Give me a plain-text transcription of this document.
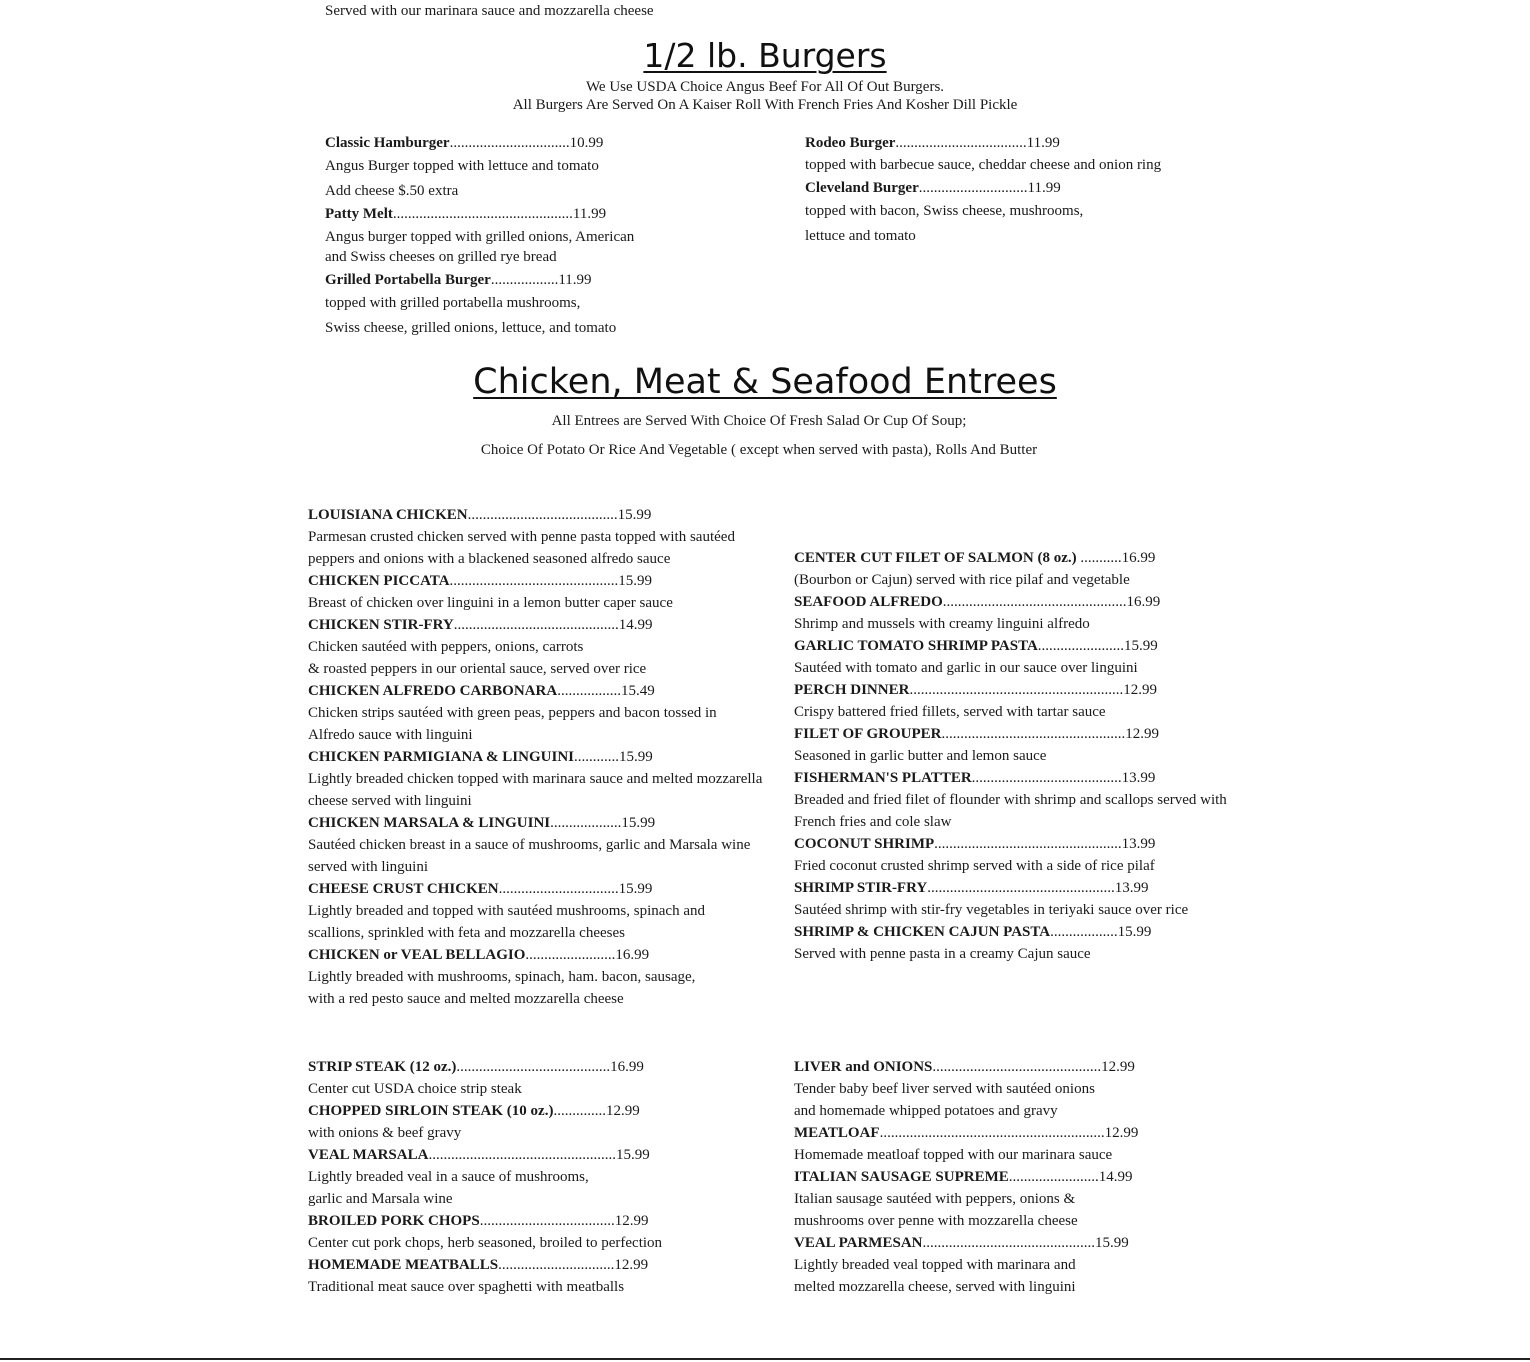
Served with our marinara sauce and mozzarella cheese
1/2 lb. Burgers
We Use USDA Choice Angus Beef For All Of Out Burgers.
All Burgers Are Served On A Kaiser Roll With French Fries And Kosher Dill Pickle
Classic Hamburger................................10.99
Angus Burger topped with lettuce and tomato
Add cheese $.50 extra
Patty Melt................................................11.99
Angus burger topped with grilled onions, American
and Swiss cheeses on grilled rye bread
Grilled Portabella Burger..................11.99
topped with grilled portabella mushrooms,
Swiss cheese, grilled onions, lettuce, and tomato
Rodeo Burger...................................11.99
topped with barbecue sauce, cheddar cheese and onion ring
Cleveland Burger.............................11.99
topped with bacon, Swiss cheese, mushrooms,
lettuce and tomato
Chicken, Meat & Seafood Entrees
All Entrees are Served With Choice Of Fresh Salad Or Cup Of Soup;
Choice Of Potato Or Rice And Vegetable ( except when served with pasta), Rolls And Butter
LOUISIANA CHICKEN........................................15.99
Parmesan crusted chicken served with penne pasta topped with sautéed
peppers and onions with a blackened seasoned alfredo sauce
CHICKEN PICCATA.............................................15.99
Breast of chicken over linguini in a lemon butter caper sauce
CHICKEN STIR-FRY............................................14.99
Chicken sautéed with peppers, onions, carrots
& roasted peppers in our oriental sauce, served over rice
CHICKEN ALFREDO CARBONARA.................15.49
Chicken strips sautéed with green peas, peppers and bacon tossed in
Alfredo sauce with linguini
CHICKEN PARMIGIANA & LINGUINI............15.99
Lightly breaded chicken topped with marinara sauce and melted mozzarella
cheese served with linguini
CHICKEN MARSALA & LINGUINI...................15.99
Sautéed chicken breast in a sauce of mushrooms, garlic and Marsala wine
served with linguini
CHEESE CRUST CHICKEN................................15.99
Lightly breaded and topped with sautéed mushrooms, spinach and
scallions, sprinkled with feta and mozzarella cheeses
CHICKEN or VEAL BELLAGIO........................16.99
Lightly breaded with mushrooms, spinach, ham. bacon, sausage,
with a red pesto sauce and melted mozzarella cheese
CENTER CUT FILET OF SALMON (8 oz.) ...........16.99
(Bourbon or Cajun) served with rice pilaf and vegetable
SEAFOOD ALFREDO.................................................16.99
Shrimp and mussels with creamy linguini alfredo
GARLIC TOMATO SHRIMP PASTA.......................15.99
Sautéed with tomato and garlic in our sauce over linguini
PERCH DINNER.........................................................12.99
Crispy battered fried fillets, served with tartar sauce
FILET OF GROUPER.................................................12.99
Seasoned in garlic butter and lemon sauce
FISHERMAN'S PLATTER........................................13.99
Breaded and fried filet of flounder with shrimp and scallops served with
French fries and cole slaw
COCONUT SHRIMP..................................................13.99
Fried coconut crusted shrimp served with a side of rice pilaf
SHRIMP STIR-FRY..................................................13.99
Sautéed shrimp with stir-fry vegetables in teriyaki sauce over rice
SHRIMP & CHICKEN CAJUN PASTA..................15.99
Served with penne pasta in a creamy Cajun sauce
STRIP STEAK (12 oz.).........................................16.99
Center cut USDA choice strip steak
CHOPPED SIRLOIN STEAK (10 oz.)..............12.99
with onions & beef gravy
VEAL MARSALA..................................................15.99
Lightly breaded veal in a sauce of mushrooms,
garlic and Marsala wine
BROILED PORK CHOPS....................................12.99
Center cut pork chops, herb seasoned, broiled to perfection
HOMEMADE MEATBALLS...............................12.99
Traditional meat sauce over spaghetti with meatballs
LIVER and ONIONS.............................................12.99
Tender baby beef liver served with sautéed onions
and homemade whipped potatoes and gravy
MEATLOAF............................................................12.99
Homemade meatloaf topped with our marinara sauce
ITALIAN SAUSAGE SUPREME........................14.99
Italian sausage sautéed with peppers, onions &
mushrooms over penne with mozzarella cheese
VEAL PARMESAN..............................................15.99
Lightly breaded veal topped with marinara and
melted mozzarella cheese, served with linguini
